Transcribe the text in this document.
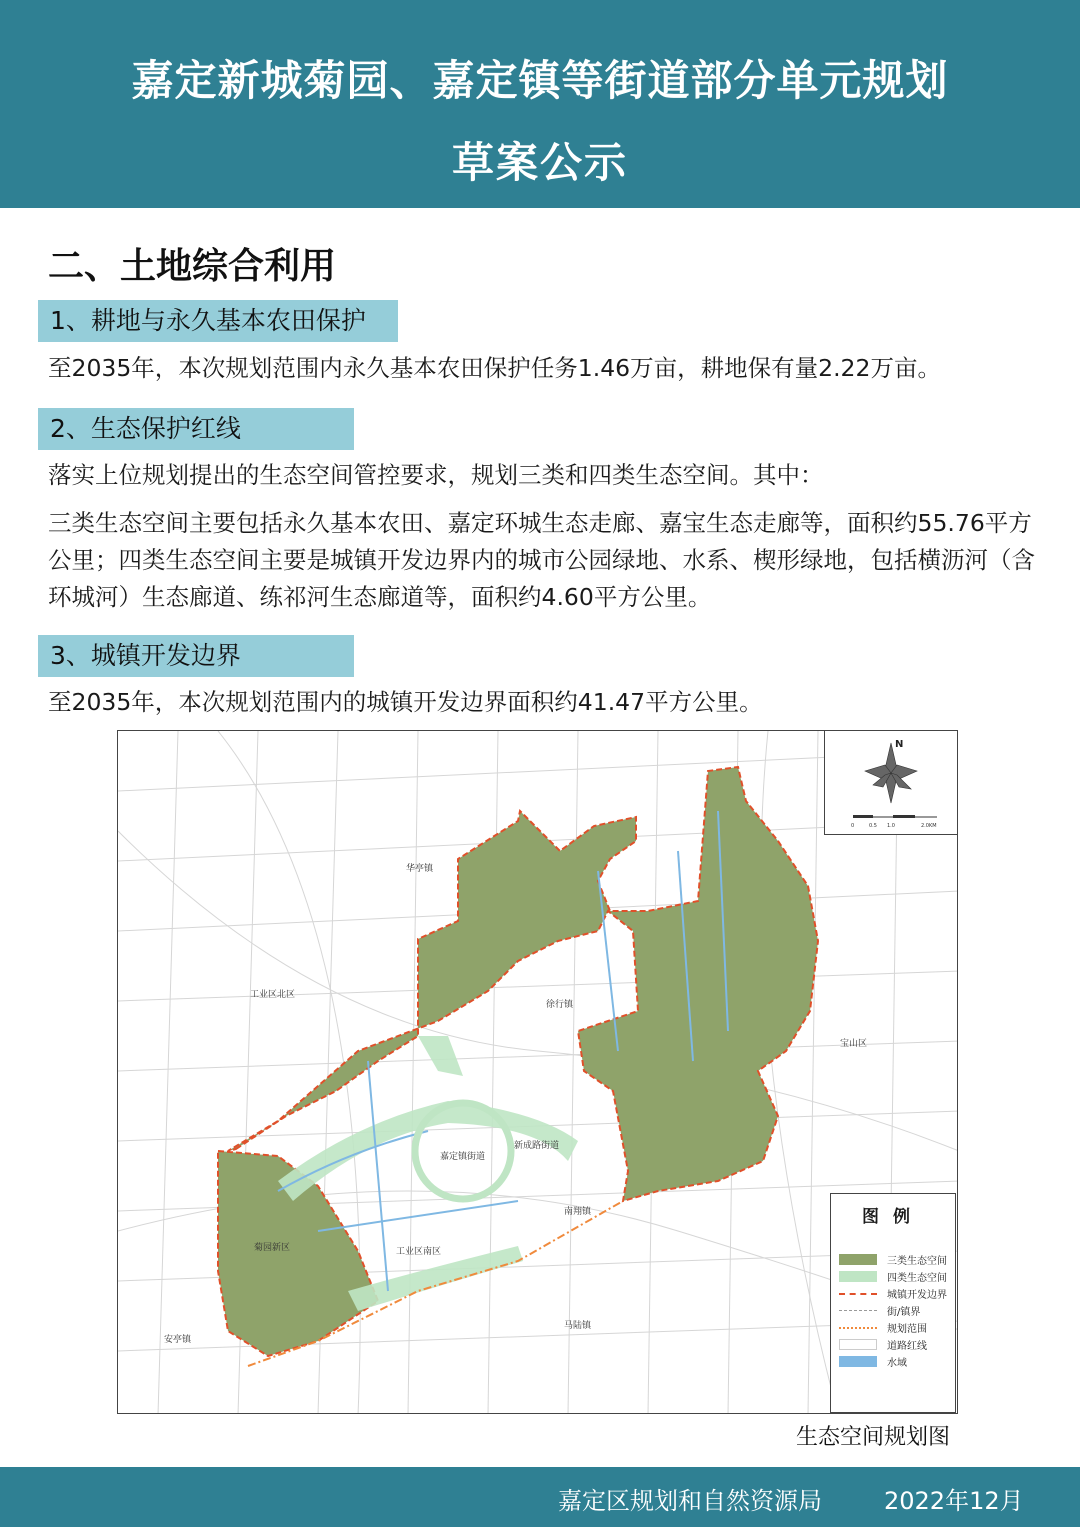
嘉定新城菊园、嘉定镇等街道部分单元规划
草案公示
二、土地综合利用
1、耕地与永久基本农田保护
至2035年，本次规划范围内永久基本农田保护任务1.46万亩，耕地保有量2.22万亩。
2、生态保护红线
落实上位规划提出的生态空间管控要求，规划三类和四类生态空间。其中：
三类生态空间主要包括永久基本农田、嘉定环城生态走廊、嘉宝生态走廊等，面积约55.76平方公里；四类生态空间主要是城镇开发边界内的城市公园绿地、水系、楔形绿地，包括横沥河（含环城河）生态廊道、练祁河生态廊道等，面积约4.60平方公里。
3、城镇开发边界
至2035年，本次规划范围内的城镇开发边界面积约41.47平方公里。
华亭镇
工业区北区
徐行镇
宝山区
嘉定镇街道
新成路街道
南翔镇
菊园新区	工业区南区
安亭镇
马陆镇
N
0	0.5 1.0	2.0KM
图例
三类生态空间
四类生态空间
城镇开发边界
街/镇界
规划范围
道路红线
水域
生态空间规划图
嘉定区规划和自然资源局	2022年12月
